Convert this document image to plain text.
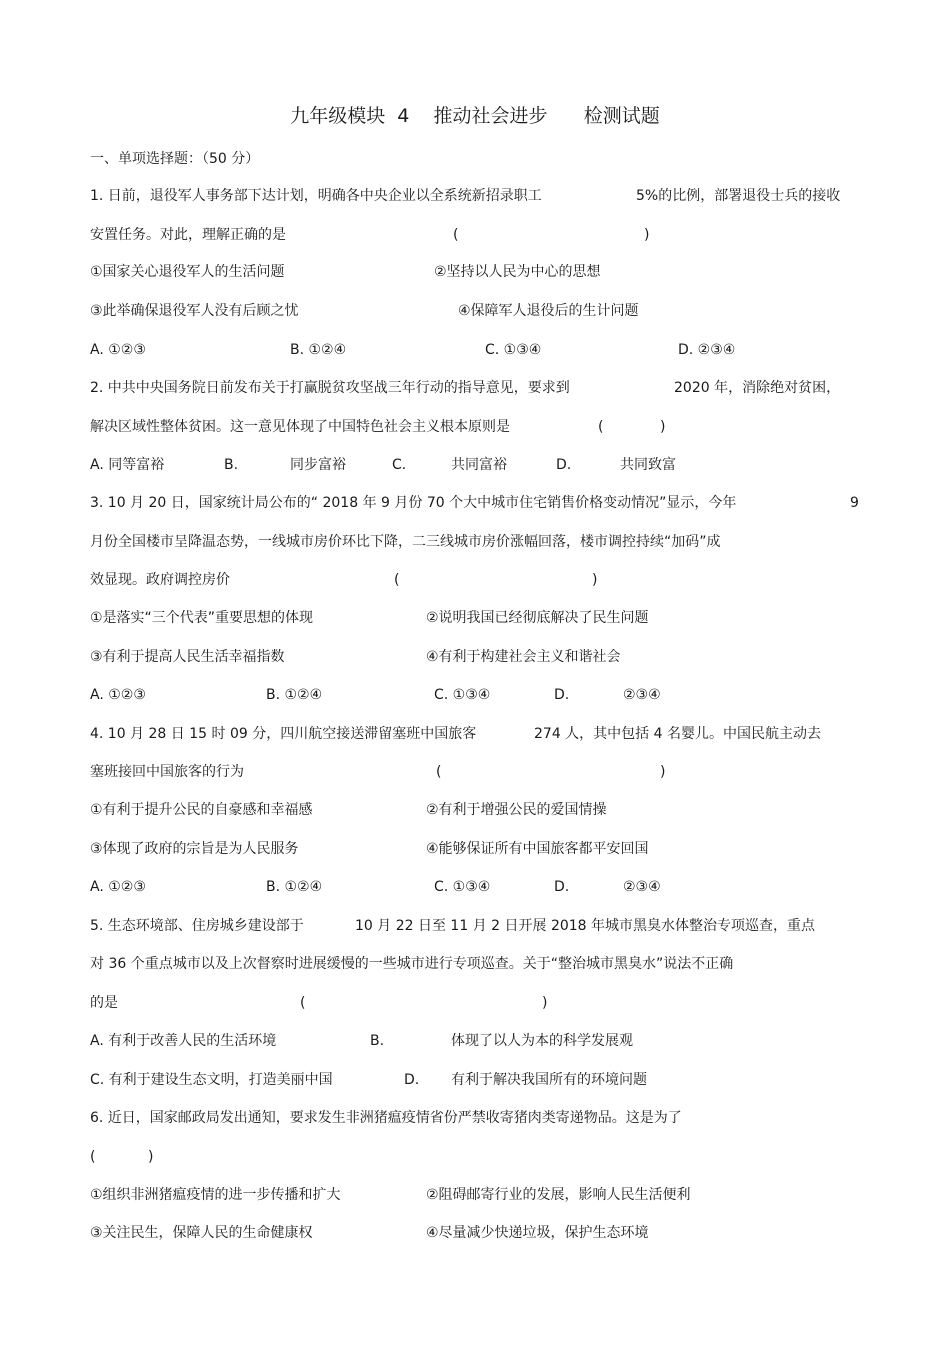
九年级模块  4    推动社会进步      检测试题
一、单项选择题：（50 分）
1. 日前，退役军人事务部下达计划，明确各中央企业以全系统新招录职工	5%的比例，部署退役士兵的接收
安置任务。对此，理解正确的是	(	)
①国家关心退役军人的生活问题	②坚持以人民为中心的思想
③此举确保退役军人没有后顾之忧	④保障军人退役后的生计问题
A. ①②③	B. ①②④	C. ①③④	D. ②③④
2. 中共中央国务院日前发布关于打赢脱贫攻坚战三年行动的指导意见，要求到	2020 年，消除绝对贫困，
解决区域性整体贫困。这一意见体现了中国特色社会主义根本原则是	(	)
A. 同等富裕	B.	同步富裕	C.	共同富裕	D.	共同致富
3. 10 月 20 日，国家统计局公布的“ 2018 年 9 月份 70 个大中城市住宅销售价格变动情况”显示，今年	9
月份全国楼市呈降温态势，一线城市房价环比下降，二三线城市房价涨幅回落，楼市调控持续“加码”成
效显现。政府调控房价	(	)
①是落实“三个代表”重要思想的体现	②说明我国已经彻底解决了民生问题
③有利于提高人民生活幸福指数	④有利于构建社会主义和谐社会
A. ①②③	B. ①②④	C. ①③④	D.	②③④
4. 10 月 28 日 15 时 09 分，四川航空接送滞留塞班中国旅客	274 人，其中包括 4 名婴儿。中国民航主动去
塞班接回中国旅客的行为	(	)
①有利于提升公民的自豪感和幸福感	②有利于增强公民的爱国情操
③体现了政府的宗旨是为人民服务	④能够保证所有中国旅客都平安回国
A. ①②③	B. ①②④	C. ①③④	D.	②③④
5. 生态环境部、住房城乡建设部于	10 月 22 日至 11 月 2 日开展 2018 年城市黑臭水体整治专项巡查，重点
对 36 个重点城市以及上次督察时进展缓慢的一些城市进行专项巡查。关于“整治城市黑臭水”说法不正确
的是	(	)
A. 有利于改善人民的生活环境	B.	体现了以人为本的科学发展观
C. 有利于建设生态文明，打造美丽中国	D. 有利于解决我国所有的环境问题
6. 近日，国家邮政局发出通知，要求发生非洲猪瘟疫情省份严禁收寄猪肉类寄递物品。这是为了
(	)
①组织非洲猪瘟疫情的进一步传播和扩大	②阻碍邮寄行业的发展，影响人民生活便利
③关注民生，保障人民的生命健康权	④尽量减少快递垃圾，保护生态环境
